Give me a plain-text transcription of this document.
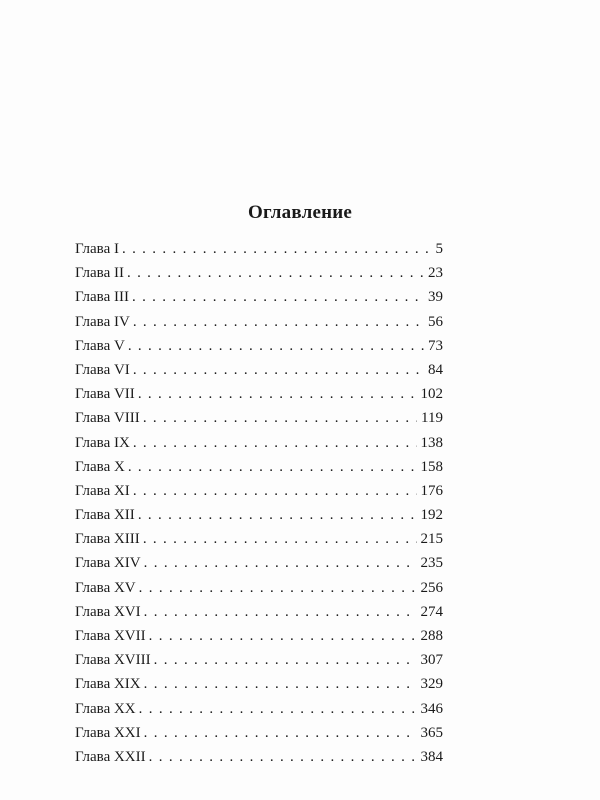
Оглавление
Глава I . . .	5
Глава II . . .	23
Глава III . . .	39
Глава IV . . .	56
Глава V . . .	73
Глава VI . . .	84
Глава VII . . .	102
Глава VIII . . .	119
Глава IX . . .	138
Глава X . . .	158
Глава XI . . .	176
Глава XII . . .	192
Глава XIII . . .	215
Глава XIV . . .	235
Глава XV . . .	256
Глава XVI . . .	274
Глава XVII . . .	288
Глава XVIII . . .	307
Глава XIX . . .	329
Глава XX . . .	346
Глава XXI . . .	365
Глава XXII . . .	384
